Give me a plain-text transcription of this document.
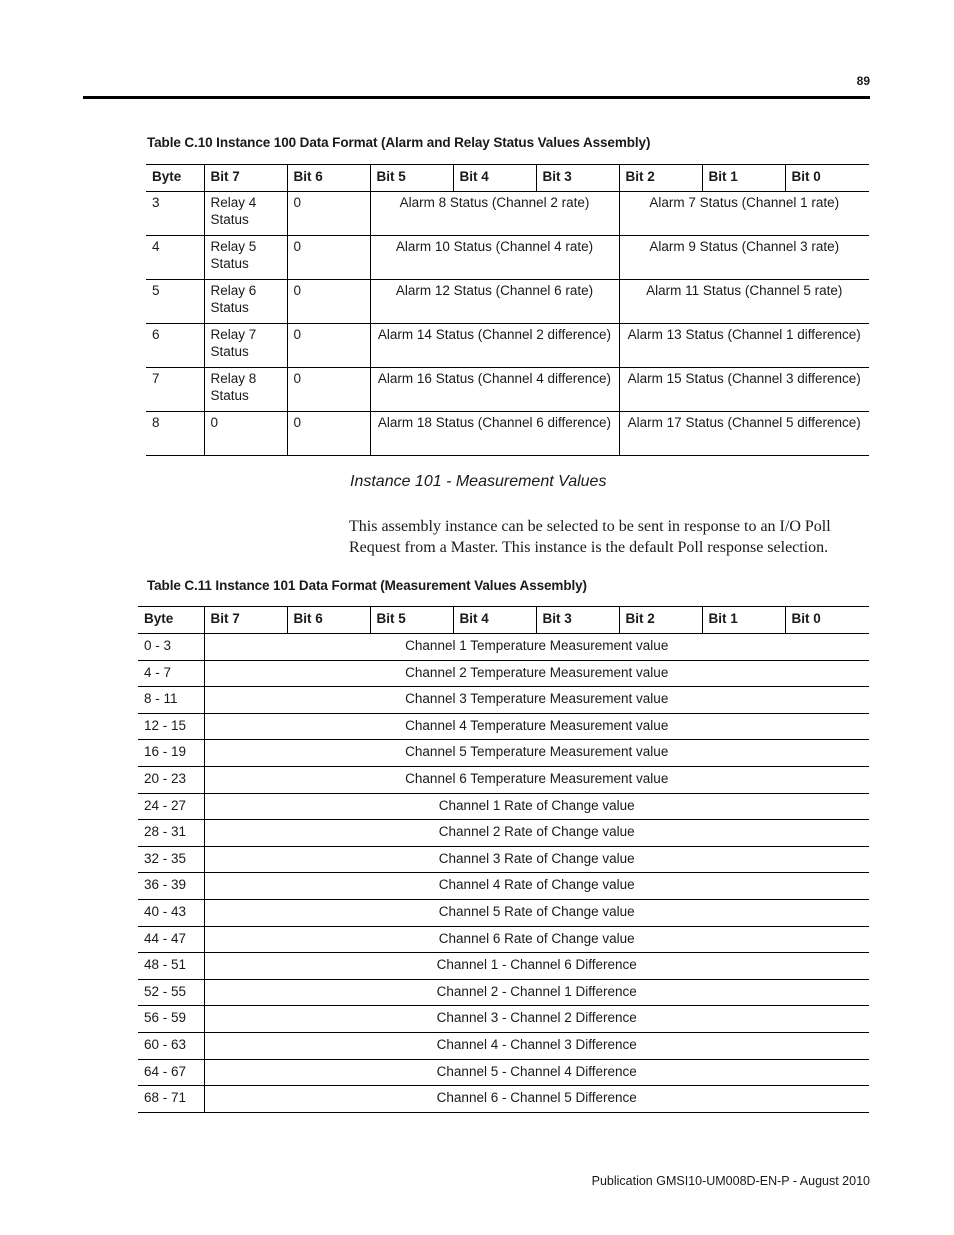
89
Table C.10 Instance 100 Data Format (Alarm and Relay Status Values Assembly)
Byte	Bit 7	Bit 6	Bit 5	Bit 4	Bit 3	Bit 2	Bit 1	Bit 0
3	Relay 4 Status	0	Alarm 8 Status (Channel 2 rate)			Alarm 7 Status (Channel 1 rate)		
4	Relay 5 Status	0	Alarm 10 Status (Channel 4 rate)			Alarm 9 Status (Channel 3 rate)		
5	Relay 6 Status	0	Alarm 12 Status (Channel 6 rate)			Alarm 11 Status (Channel 5 rate)		
6	Relay 7 Status	0	Alarm 14 Status (Channel 2 difference)			Alarm 13 Status (Channel 1 difference)		
7	Relay 8 Status	0	Alarm 16 Status (Channel 4 difference)			Alarm 15 Status (Channel 3 difference)		
8	0	0	Alarm 18 Status (Channel 6 difference)			Alarm 17 Status (Channel 5 difference)		
Instance 101 - Measurement Values
This assembly instance can be selected to be sent in response to an I/O Poll Request from a Master. This instance is the default Poll response selection.
Table C.11 Instance 101 Data Format (Measurement Values Assembly)
Byte	Bit 7	Bit 6	Bit 5	Bit 4	Bit 3	Bit 2	Bit 1	Bit 0
0 - 3	Channel 1 Temperature Measurement value							
4 - 7	Channel 2 Temperature Measurement value							
8 - 11	Channel 3 Temperature Measurement value							
12 - 15	Channel 4 Temperature Measurement value							
16 - 19	Channel 5 Temperature Measurement value							
20 - 23	Channel 6 Temperature Measurement value							
24 - 27	Channel 1 Rate of Change value							
28 - 31	Channel 2 Rate of Change value							
32 - 35	Channel 3 Rate of Change value							
36 - 39	Channel 4 Rate of Change value							
40 - 43	Channel 5 Rate of Change value							
44 - 47	Channel 6 Rate of Change value							
48 - 51	Channel 1 - Channel 6 Difference							
52 - 55	Channel 2 - Channel 1 Difference							
56 - 59	Channel 3 - Channel 2 Difference							
60 - 63	Channel 4 - Channel 3 Difference							
64 - 67	Channel 5 - Channel 4 Difference							
68 - 71	Channel 6 - Channel 5 Difference							
Publication GMSI10-UM008D-EN-P - August 2010
